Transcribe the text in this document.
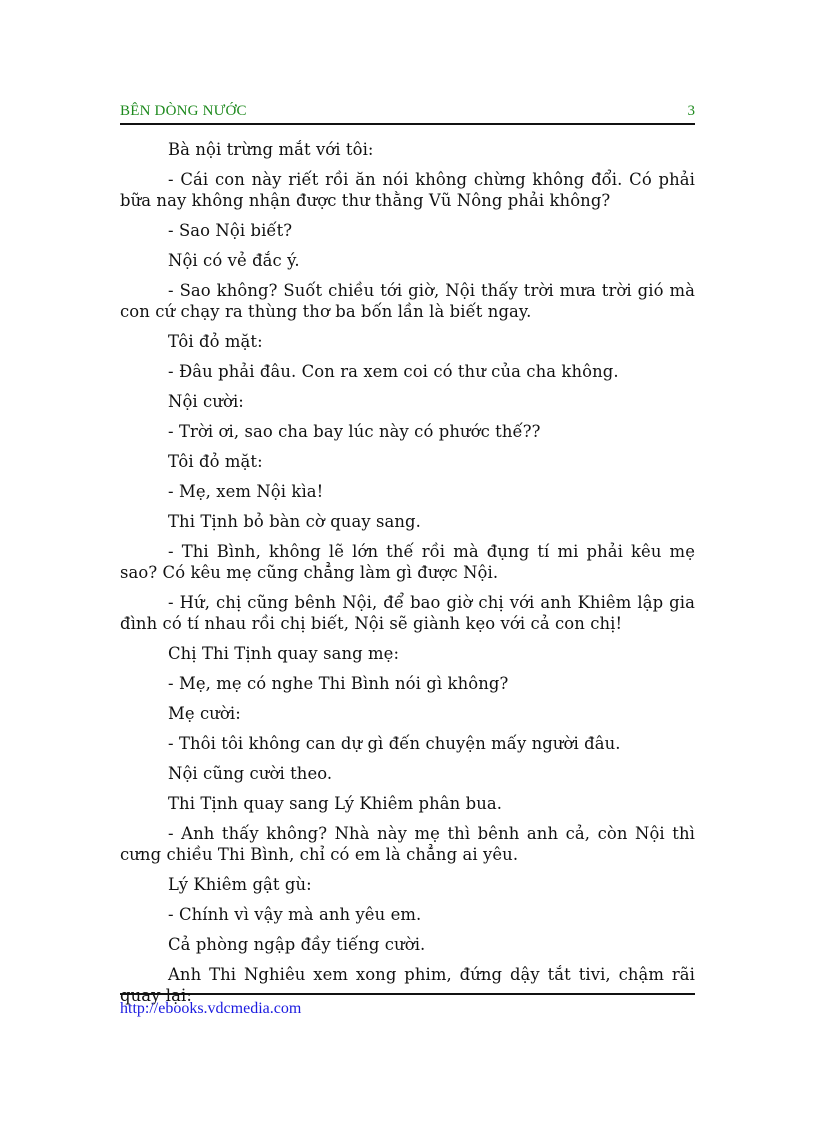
BÊN DÒNG NƯỚC	3

Bà nội trừng mắt với tôi:

- Cái con này riết rồi ăn nói không chừng không đổi. Có phải bữa nay không nhận được thư thằng Vũ Nông phải không?

- Sao Nội biết?

Nội có vẻ đắc ý.

- Sao không? Suốt chiều tới giờ, Nội thấy trời mưa trời gió mà con cứ chạy ra thùng thơ ba bốn lần là biết ngay.

Tôi đỏ mặt:

- Đâu phải đâu. Con ra xem coi có thư của cha không.

Nội cười:

- Trời ơi, sao cha bay lúc này có phước thế??

Tôi đỏ mặt:

- Mẹ, xem Nội kìa!

Thi Tịnh bỏ bàn cờ quay sang.

- Thi Bình, không lẽ lớn thế rồi mà đụng tí mi phải kêu mẹ sao? Có kêu mẹ cũng chẳng làm gì được Nội.

- Hứ, chị cũng bênh Nội, để bao giờ chị với anh Khiêm lập gia đình có tí nhau rồi chị biết, Nội sẽ giành kẹo với cả con chị!

Chị Thi Tịnh quay sang mẹ:

- Mẹ, mẹ có nghe Thi Bình nói gì không?

Mẹ cười:

- Thôi tôi không can dự gì đến chuyện mấy người đâu.

Nội cũng cười theo.

Thi Tịnh quay sang Lý Khiêm phân bua.

- Anh thấy không? Nhà này mẹ thì bênh anh cả, còn Nội thì cưng chiều Thi Bình, chỉ có em là chẳng ai yêu.

Lý Khiêm gật gù:

- Chính vì vậy mà anh yêu em.

Cả phòng ngập đầy tiếng cười.

Anh Thi Nghiêu xem xong phim, đứng dậy tắt tivi, chậm rãi quay lại:

http://ebooks.vdcmedia.com
